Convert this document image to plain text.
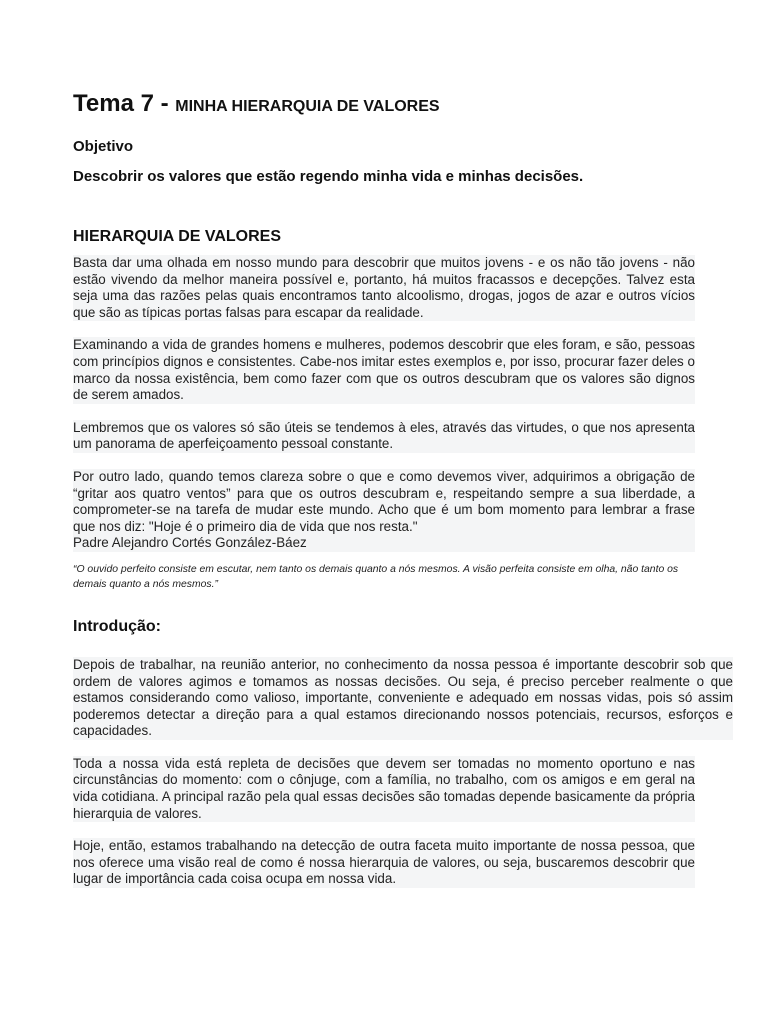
Tema 7 - MINHA HIERARQUIA DE VALORES
Objetivo
Descobrir os valores que estão regendo minha vida e minhas decisões.
HIERARQUIA DE VALORES

Basta dar uma olhada em nosso mundo para descobrir que muitos jovens - e os não tão jovens - não estão vivendo da melhor maneira possível e, portanto, há muitos fracassos e decepções. Talvez esta seja uma das razões pelas quais encontramos tanto alcoolismo, drogas, jogos de azar e outros vícios que são as típicas portas falsas para escapar da realidade.

Examinando a vida de grandes homens e mulheres, podemos descobrir que eles foram, e são, pessoas com princípios dignos e consistentes. Cabe-nos imitar estes exemplos e, por isso, procurar fazer deles o marco da nossa existência, bem como fazer com que os outros descubram que os valores são dignos de serem amados.

Lembremos que os valores só são úteis se tendemos à eles, através das virtudes, o que nos apresenta um panorama de aperfeiçoamento pessoal constante.

Por outro lado, quando temos clareza sobre o que e como devemos viver, adquirimos a obrigação de “gritar aos quatro ventos” para que os outros descubram e, respeitando sempre a sua liberdade, a comprometer-se na tarefa de mudar este mundo. Acho que é um bom momento para lembrar a frase que nos diz: "Hoje é o primeiro dia de vida que nos resta."
Padre Alejandro Cortés González-Báez
“O ouvido perfeito consiste em escutar, nem tanto os demais quanto a nós mesmos. A visão perfeita consiste em olha, não tanto os demais quanto a nós mesmos.”
Introdução:

Depois de trabalhar, na reunião anterior, no conhecimento da nossa pessoa é importante descobrir sob que ordem de valores agimos e tomamos as nossas decisões. Ou seja, é preciso perceber realmente o que estamos considerando como valioso, importante, conveniente e adequado em nossas vidas, pois só assim poderemos detectar a direção para a qual estamos direcionando nossos potenciais, recursos, esforços e capacidades.

Toda a nossa vida está repleta de decisões que devem ser tomadas no momento oportuno e nas circunstâncias do momento: com o cônjuge, com a família, no trabalho, com os amigos e em geral na vida cotidiana. A principal razão pela qual essas decisões são tomadas depende basicamente da própria hierarquia de valores.

Hoje, então, estamos trabalhando na detecção de outra faceta muito importante de nossa pessoa, que nos oferece uma visão real de como é nossa hierarquia de valores, ou seja, buscaremos descobrir que lugar de importância cada coisa ocupa em nossa vida.
